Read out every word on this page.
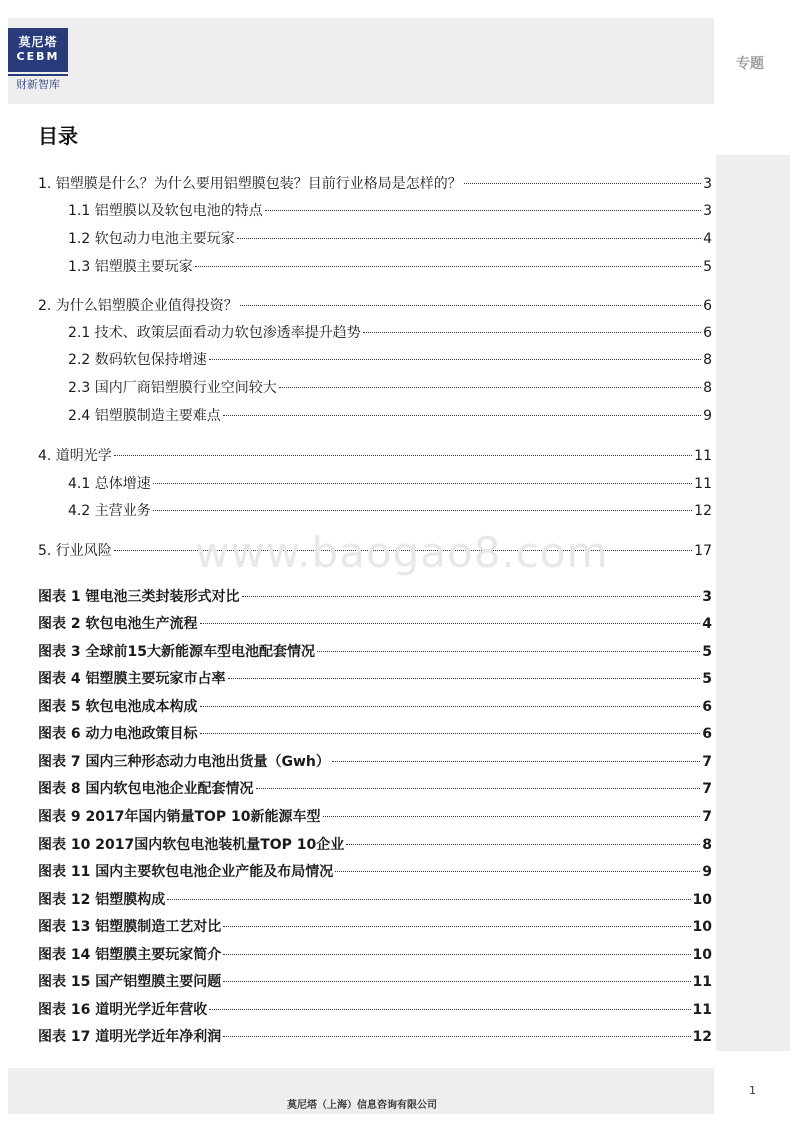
莫尼塔
CEBM
财新智库
专题
目录
1. 铝塑膜是什么？为什么要用铝塑膜包装？目前行业格局是怎样的？	3
1.1 铝塑膜以及软包电池的特点	3
1.2 软包动力电池主要玩家	4
1.3 铝塑膜主要玩家	5
2. 为什么铝塑膜企业值得投资？	6
2.1 技术、政策层面看动力软包渗透率提升趋势	6
2.2 数码软包保持增速	8
2.3 国内厂商铝塑膜行业空间较大	8
2.4 铝塑膜制造主要难点	9
4. 道明光学	11
4.1 总体增速	11
4.2 主营业务	12
5. 行业风险	17
www.baogao8.com
图表 1 锂电池三类封装形式对比	3
图表 2 软包电池生产流程	4
图表 3 全球前15大新能源车型电池配套情况	5
图表 4 铝塑膜主要玩家市占率	5
图表 5 软包电池成本构成	6
图表 6 动力电池政策目标	6
图表 7 国内三种形态动力电池出货量（Gwh）	7
图表 8 国内软包电池企业配套情况	7
图表 9 2017年国内销量TOP 10新能源车型	7
图表 10 2017国内软包电池装机量TOP 10企业	8
图表 11 国内主要软包电池企业产能及布局情况	9
图表 12 铝塑膜构成	10
图表 13 铝塑膜制造工艺对比	10
图表 14 铝塑膜主要玩家简介	10
图表 15 国产铝塑膜主要问题	11
图表 16 道明光学近年营收	11
图表 17 道明光学近年净利润	12
莫尼塔（上海）信息咨询有限公司
1
